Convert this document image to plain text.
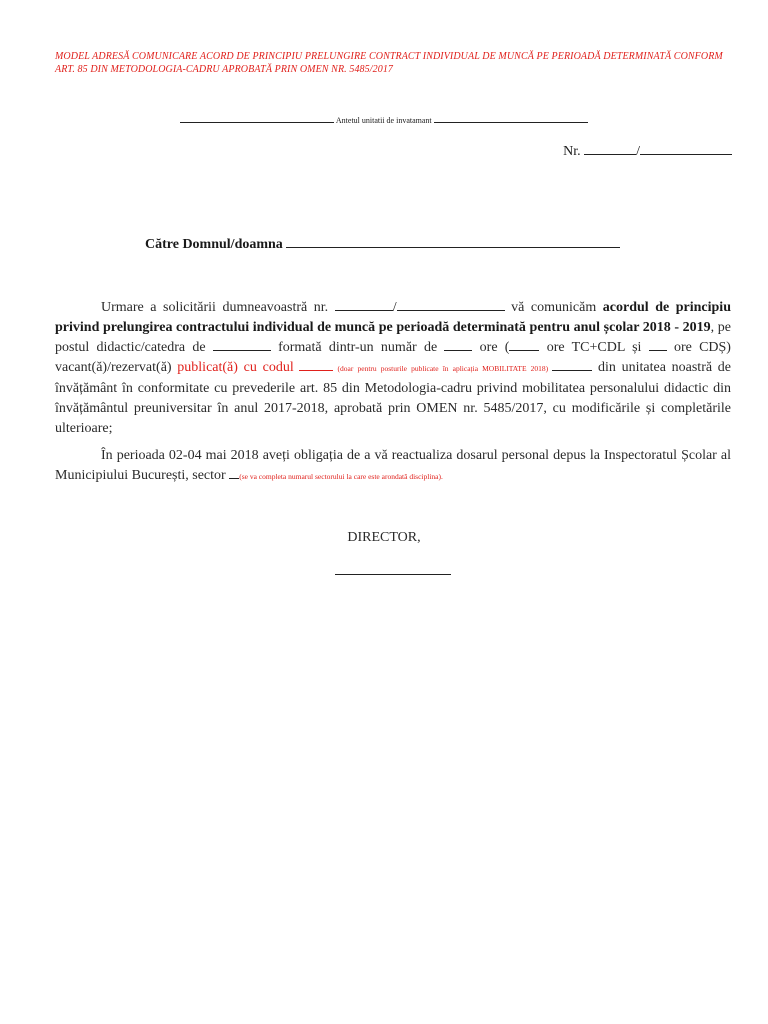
MODEL ADRESĂ COMUNICARE ACORD DE PRINCIPIU PRELUNGIRE CONTRACT INDIVIDUAL DE MUNCĂ PE PERIOADĂ DETERMINATĂ CONFORM ART. 85 DIN METODOLOGIA-CADRU APROBATĂ PRIN OMEN NR. 5485/2017
Antetul unitatii de invatamant
Nr.	/
Către Domnul/doamna
Urmare a solicitării dumneavoastră nr.	/	vă comunicăm acordul de principiu privind prelungirea contractului individual de muncă pe perioadă determinată pentru anul școlar 2018 - 2019, pe postul didactic/catedra de	formată dintr-un număr de  ore ( ore TC+CDL și  ore CDȘ) vacant(ă)/rezervat(ă) publicat(ă) cu codul	(doar pentru posturile publicate în aplicația MOBILITATE 2018)	din unitatea noastră de învățământ în conformitate cu prevederile art. 85 din Metodologia-cadru privind mobilitatea personalului didactic din învățământul preuniversitar în anul 2017-2018, aprobată prin OMEN nr. 5485/2017, cu modificările și completările ulterioare;
În perioada 02-04 mai 2018 aveți obligația de a vă reactualiza dosarul personal depus la Inspectoratul Școlar al Municipiului București, sector (se va completa numarul sectorului la care este arondată disciplina).
DIRECTOR,
